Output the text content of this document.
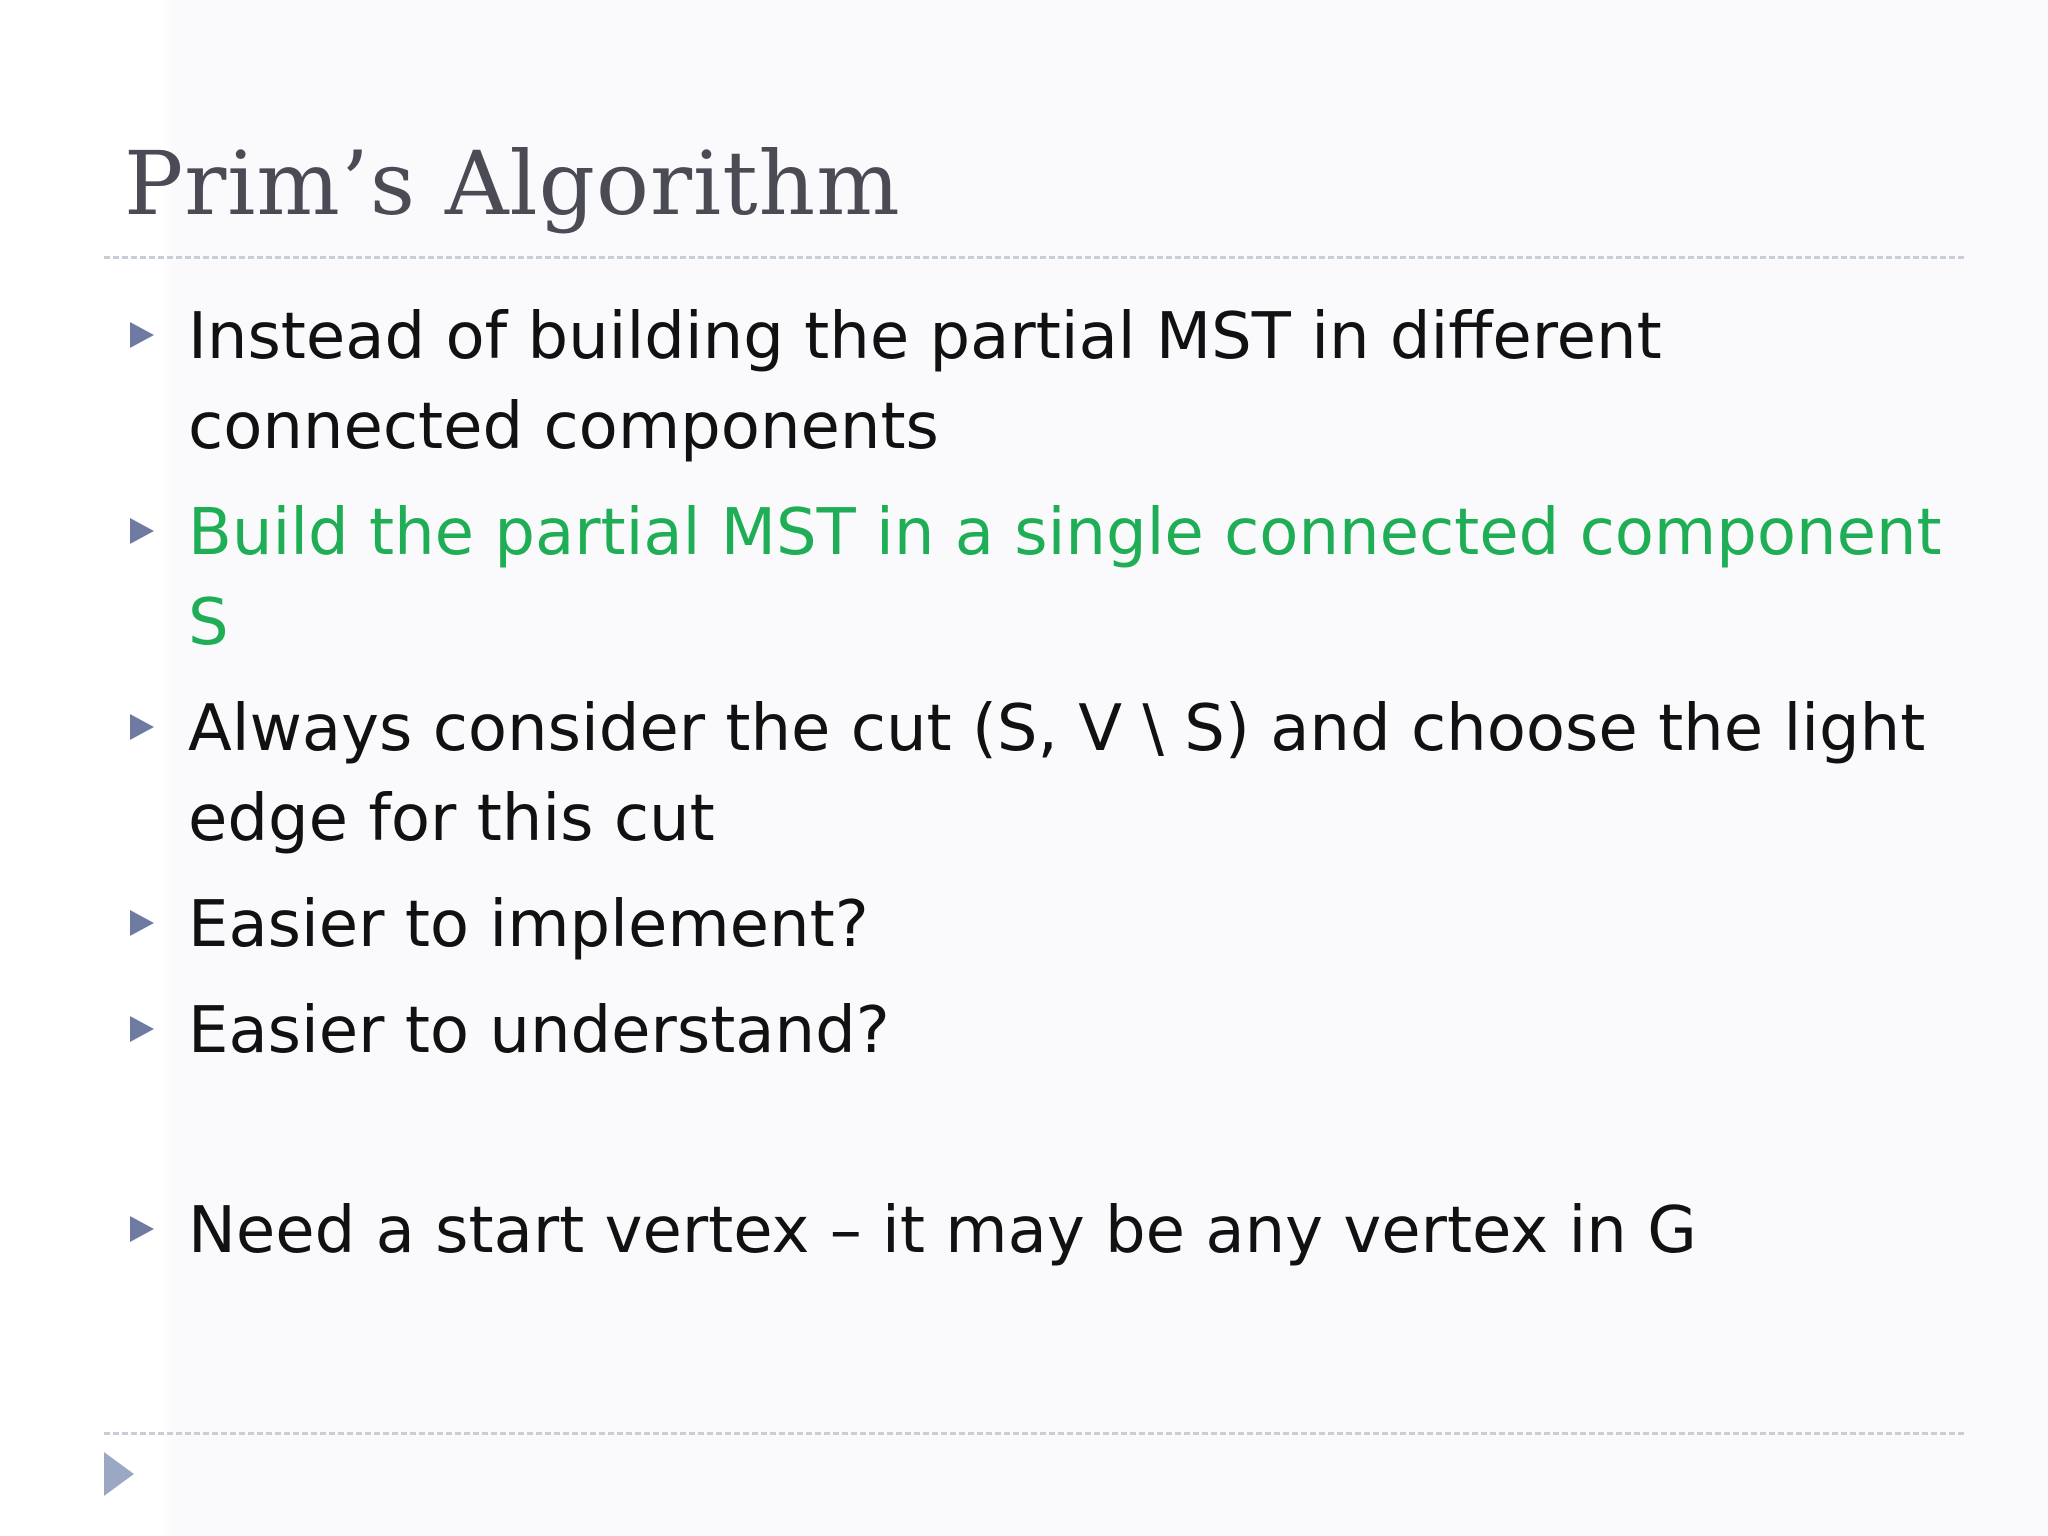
Prim’s Algorithm
Instead of building the partial MST in different connected components
Build the partial MST in a single connected component S
Always consider the cut (S, V \ S) and choose the light edge for this cut
Easier to implement?
Easier to understand?
Need a start vertex – it may be any vertex in G
